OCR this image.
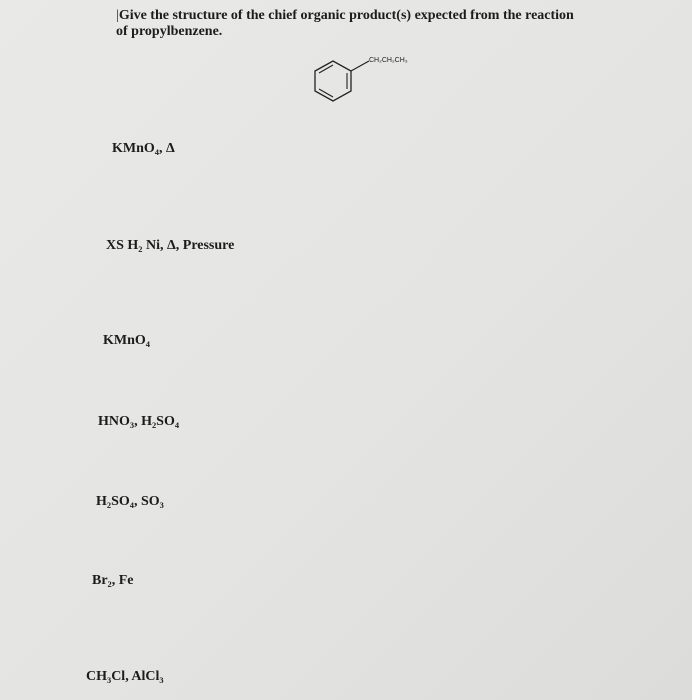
|Give the structure of the chief organic product(s) expected from the reaction of propylbenzene.
CH₂CH₂CH₃
KMnO₄, Δ
XS H₂ Ni, Δ, Pressure
KMnO₄
HNO₃, H₂SO₄
H₂SO₄, SO₃
Br₂, Fe
CH₃Cl, AlCl₃
